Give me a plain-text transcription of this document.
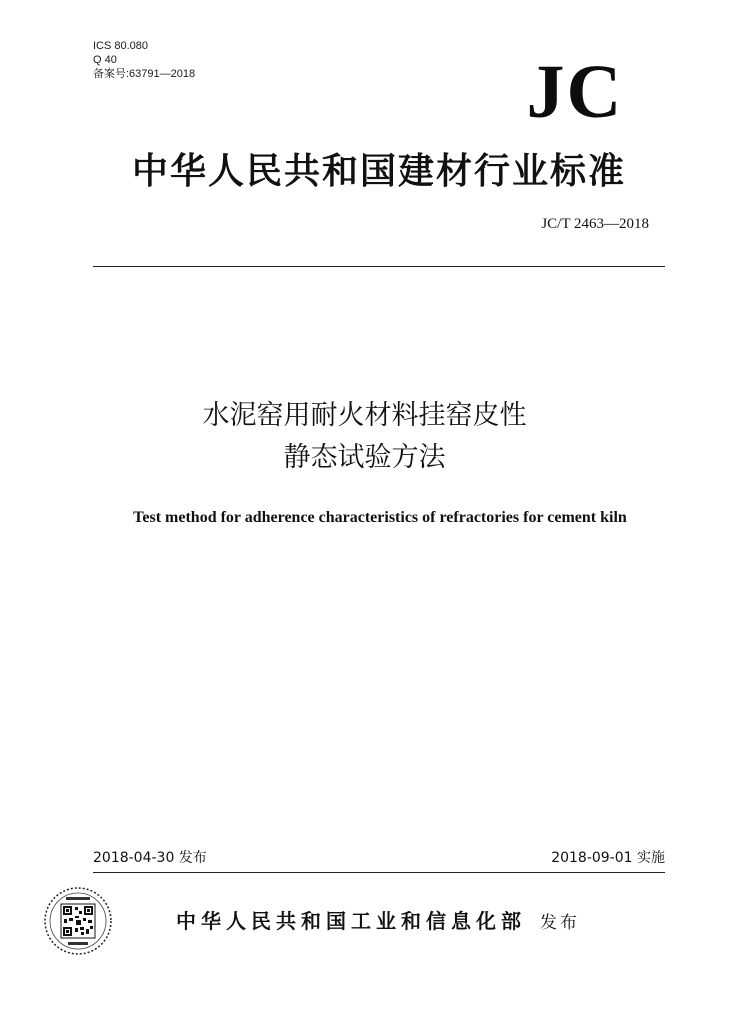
ICS 80.080
Q 40
备案号:63791—2018	JC
中华人民共和国建材行业标准
JC/T 2463—2018
水泥窑用耐火材料挂窑皮性
静态试验方法
Test method for adherence characteristics of refractories for cement kiln
2018-04-30 发布	2018-09-01 实施
中华人民共和国工业和信息化部 发布
